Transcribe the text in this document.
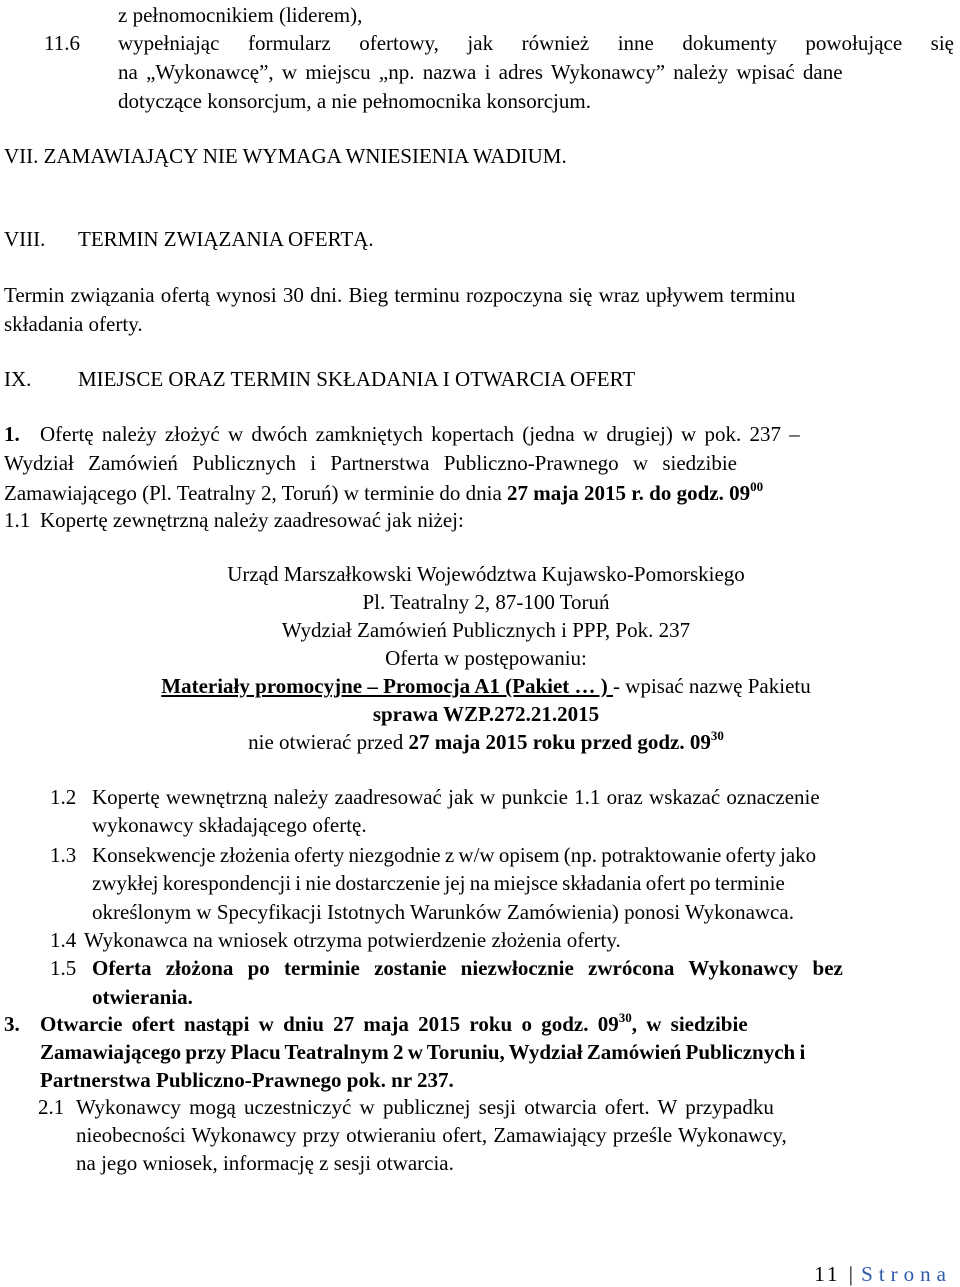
z pełnomocnikiem (liderem),
11.6 wypełniając formularz ofertowy, jak również inne dokumenty powołujące się
na „Wykonawcę”, w miejscu „np. nazwa i adres Wykonawcy” należy wpisać dane
dotyczące konsorcjum, a nie pełnomocnika konsorcjum.
VII. ZAMAWIAJĄCY NIE WYMAGA WNIESIENIA WADIUM.
VIII. TERMIN ZWIĄZANIA OFERTĄ.
Termin związania ofertą wynosi 30 dni. Bieg terminu rozpoczyna się wraz upływem terminu
składania oferty.
IX. MIEJSCE ORAZ TERMIN SKŁADANIA I OTWARCIA OFERT
1. Ofertę należy złożyć w dwóch zamkniętych kopertach (jedna w drugiej) w pok. 237 –
Wydział Zamówień Publicznych i Partnerstwa Publiczno-Prawnego w siedzibie
Zamawiającego (Pl. Teatralny 2, Toruń) w terminie do dnia 27 maja 2015 r. do godz. $09^{00}$
1.1 Kopertę zewnętrzną należy zaadresować jak niżej:
Urząd Marszałkowski Województwa Kujawsko-Pomorskiego
Pl. Teatralny 2, 87-100 Toruń
Wydział Zamówień Publicznych i PPP, Pok. 237
Oferta w postępowaniu:
Materiały promocyjne – Promocja A1 (Pakiet … ) - wpisać nazwę Pakietu
sprawa WZP.272.21.2015
nie otwierać przed 27 maja 2015 roku przed godz. $09^{30}$
1.2 Kopertę wewnętrzną należy zaadresować jak w punkcie 1.1 oraz wskazać oznaczenie
wykonawcy składającego ofertę.
1.3 Konsekwencje złożenia oferty niezgodnie z w/w opisem (np. potraktowanie oferty jako
zwykłej korespondencji i nie dostarczenie jej na miejsce składania ofert po terminie
określonym w Specyfikacji Istotnych Warunków Zamówienia) ponosi Wykonawca.
1.4 Wykonawca na wniosek otrzyma potwierdzenie złożenia oferty.
1.5 Oferta złożona po terminie zostanie niezwłocznie zwrócona Wykonawcy bez
otwierania.
3. Otwarcie ofert nastąpi w dniu 27 maja 2015 roku o godz. $09^{30}$, w siedzibie
Zamawiającego przy Placu Teatralnym 2 w Toruniu, Wydział Zamówień Publicznych i
Partnerstwa Publiczno-Prawnego pok. nr 237.
2.1 Wykonawcy mogą uczestniczyć w publicznej sesji otwarcia ofert. W przypadku
nieobecności Wykonawcy przy otwieraniu ofert, Zamawiający prześle Wykonawcy,
na jego wniosek, informację z sesji otwarcia.
11 | Strona
